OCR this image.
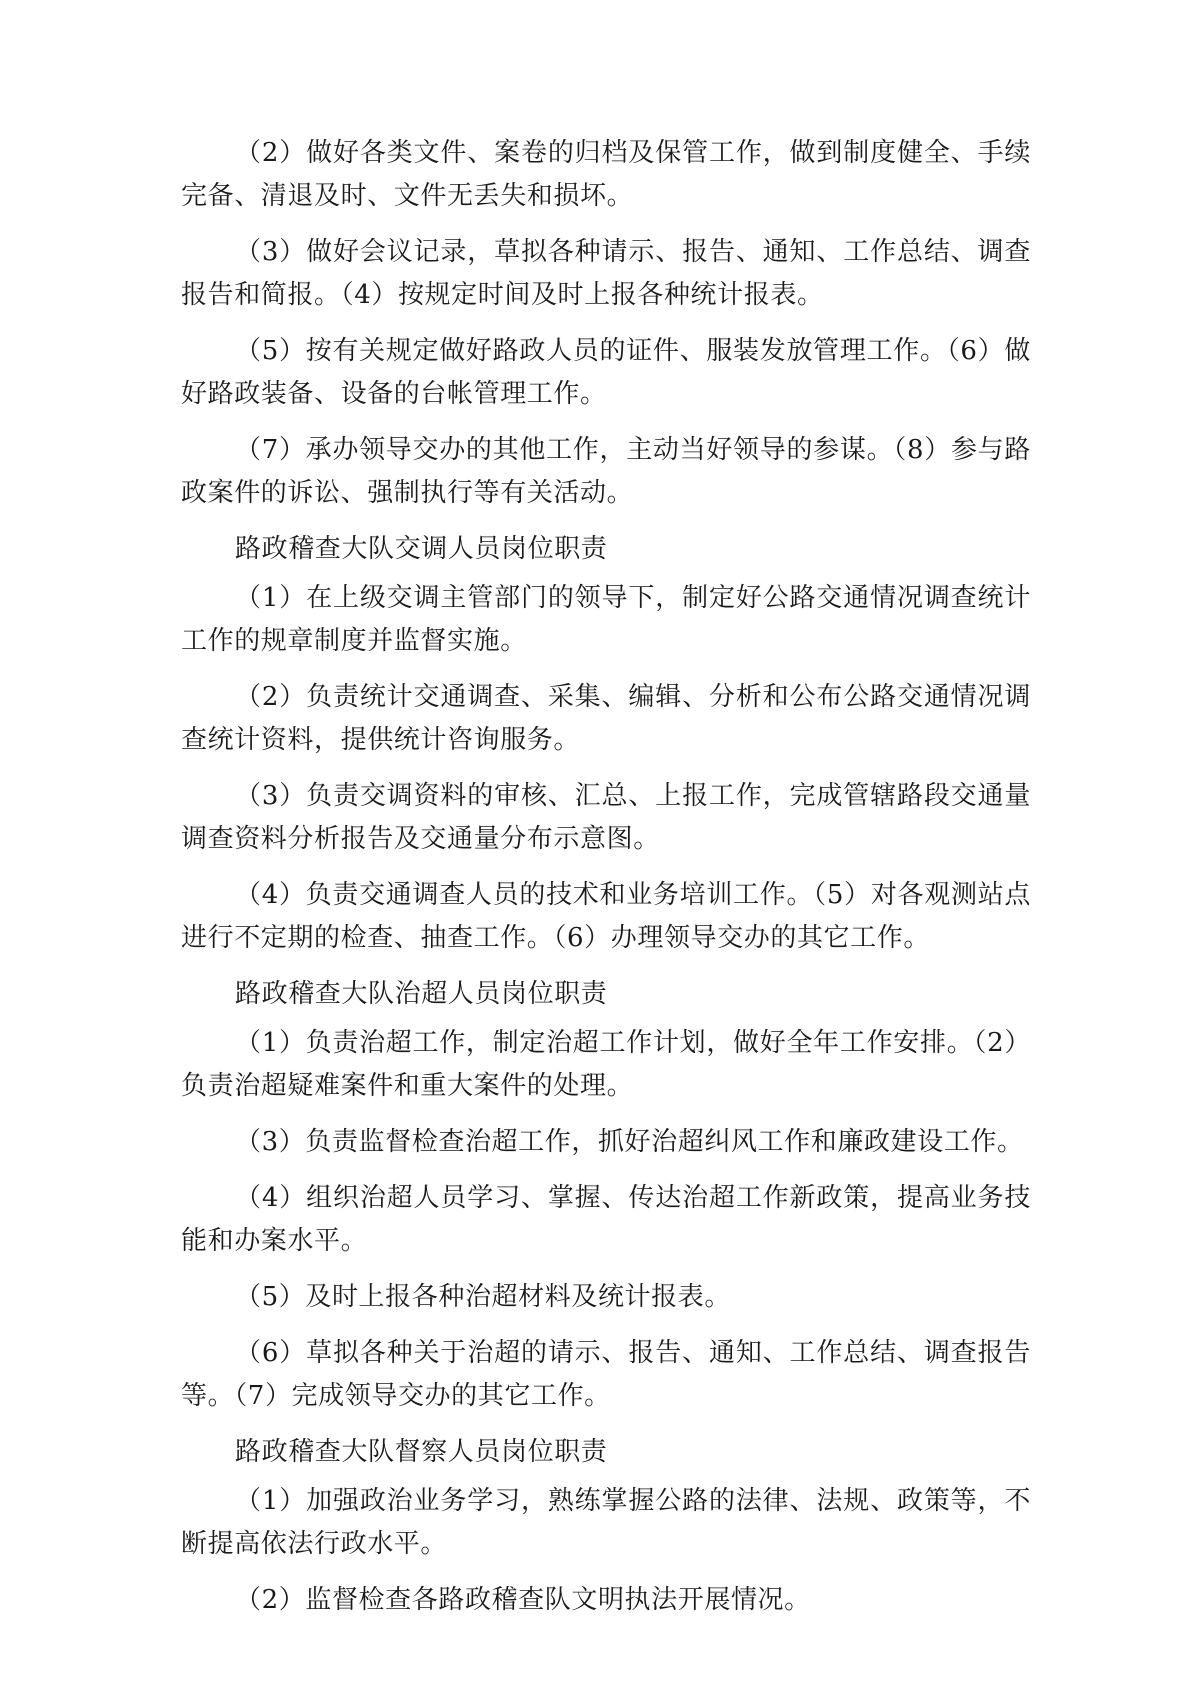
（2）做好各类文件、案卷的归档及保管工作，做到制度健全、手续完备、清退及时、文件无丢失和损坏。

（3）做好会议记录，草拟各种请示、报告、通知、工作总结、调查报告和简报。（4）按规定时间及时上报各种统计报表。

（5）按有关规定做好路政人员的证件、服装发放管理工作。（6）做好路政装备、设备的台帐管理工作。

（7）承办领导交办的其他工作，主动当好领导的参谋。（8）参与路政案件的诉讼、强制执行等有关活动。

路政稽查大队交调人员岗位职责

（1）在上级交调主管部门的领导下，制定好公路交通情况调查统计工作的规章制度并监督实施。

（2）负责统计交通调查、采集、编辑、分析和公布公路交通情况调查统计资料，提供统计咨询服务。

（3）负责交调资料的审核、汇总、上报工作，完成管辖路段交通量调查资料分析报告及交通量分布示意图。

（4）负责交通调查人员的技术和业务培训工作。（5）对各观测站点进行不定期的检查、抽查工作。（6）办理领导交办的其它工作。

路政稽查大队治超人员岗位职责

（1）负责治超工作，制定治超工作计划，做好全年工作安排。（2）负责治超疑难案件和重大案件的处理。

（3）负责监督检查治超工作，抓好治超纠风工作和廉政建设工作。

（4）组织治超人员学习、掌握、传达治超工作新政策，提高业务技能和办案水平。

（5）及时上报各种治超材料及统计报表。

（6）草拟各种关于治超的请示、报告、通知、工作总结、调查报告等。（7）完成领导交办的其它工作。

路政稽查大队督察人员岗位职责

（1）加强政治业务学习，熟练掌握公路的法律、法规、政策等，不断提高依法行政水平。

（2）监督检查各路政稽查队文明执法开展情况。
